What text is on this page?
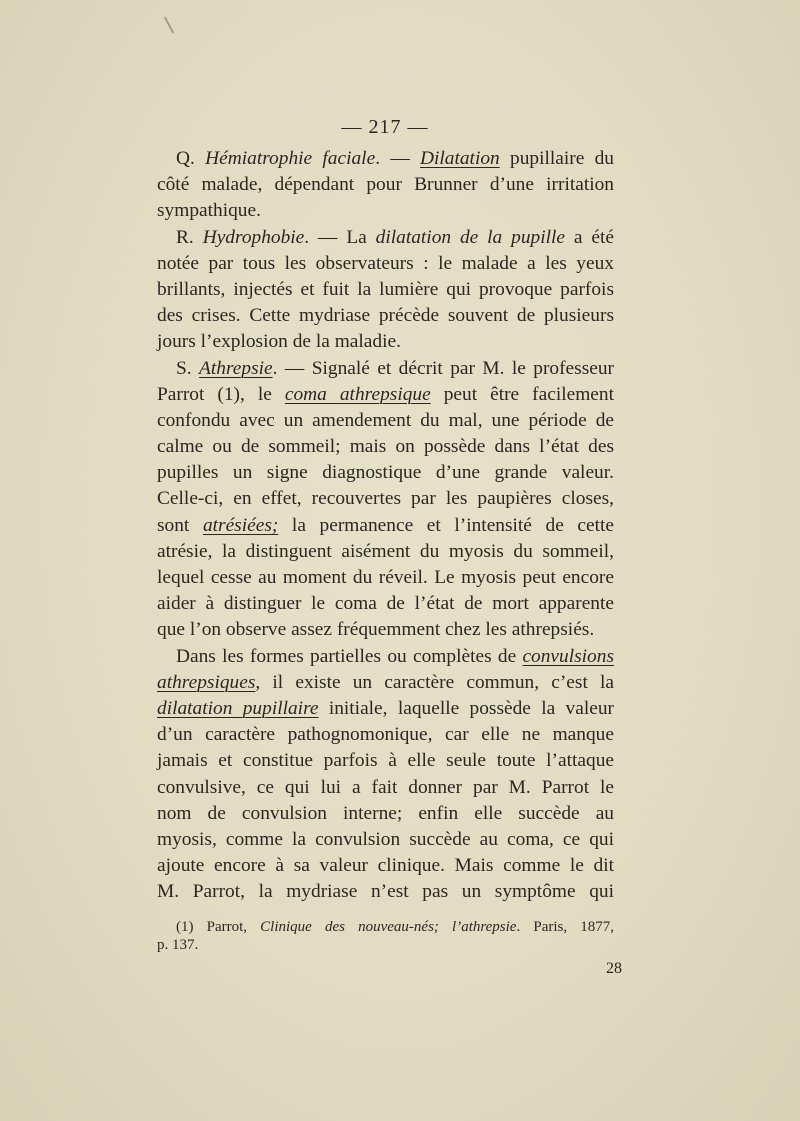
— 217 —
Q. Hémiatrophie faciale. — Dilatation pupillaire du
côté malade, dépendant pour Brunner d’une irritation
sympathique.
R. Hydrophobie. — La dilatation de la pupille a été
notée par tous les observateurs : le malade a les yeux
brillants, injectés et fuit la lumière qui provoque parfois
des crises. Cette mydriase précède souvent de plusieurs
jours l’explosion de la maladie.
S. Athrepsie. — Signalé et décrit par M. le professeur
Parrot (1), le coma athrepsique peut être facilement
confondu avec un amendement du mal, une période de
calme ou de sommeil; mais on possède dans l’état des
pupilles un signe diagnostique d’une grande valeur.
Celle-ci, en effet, recouvertes par les paupières closes,
sont atrésiées; la permanence et l’intensité de cette
atrésie, la distinguent aisément du myosis du sommeil,
lequel cesse au moment du réveil. Le myosis peut encore
aider à distinguer le coma de l’état de mort apparente
que l’on observe assez fréquemment chez les athrepsiés.
Dans les formes partielles ou complètes de convulsions
athrepsiques, il existe un caractère commun, c’est la
dilatation pupillaire initiale, laquelle possède la valeur
d’un caractère pathognomonique, car elle ne manque
jamais et constitue parfois à elle seule toute l’attaque
convulsive, ce qui lui a fait donner par M. Parrot le
nom de convulsion interne; enfin elle succède au
myosis, comme la convulsion succède au coma, ce qui
ajoute encore à sa valeur clinique. Mais comme le dit
M. Parrot, la mydriase n’est pas un symptôme qui
(1) Parrot, Clinique des nouveau-nés; l’athrepsie. Paris, 1877,
p. 137.
28
